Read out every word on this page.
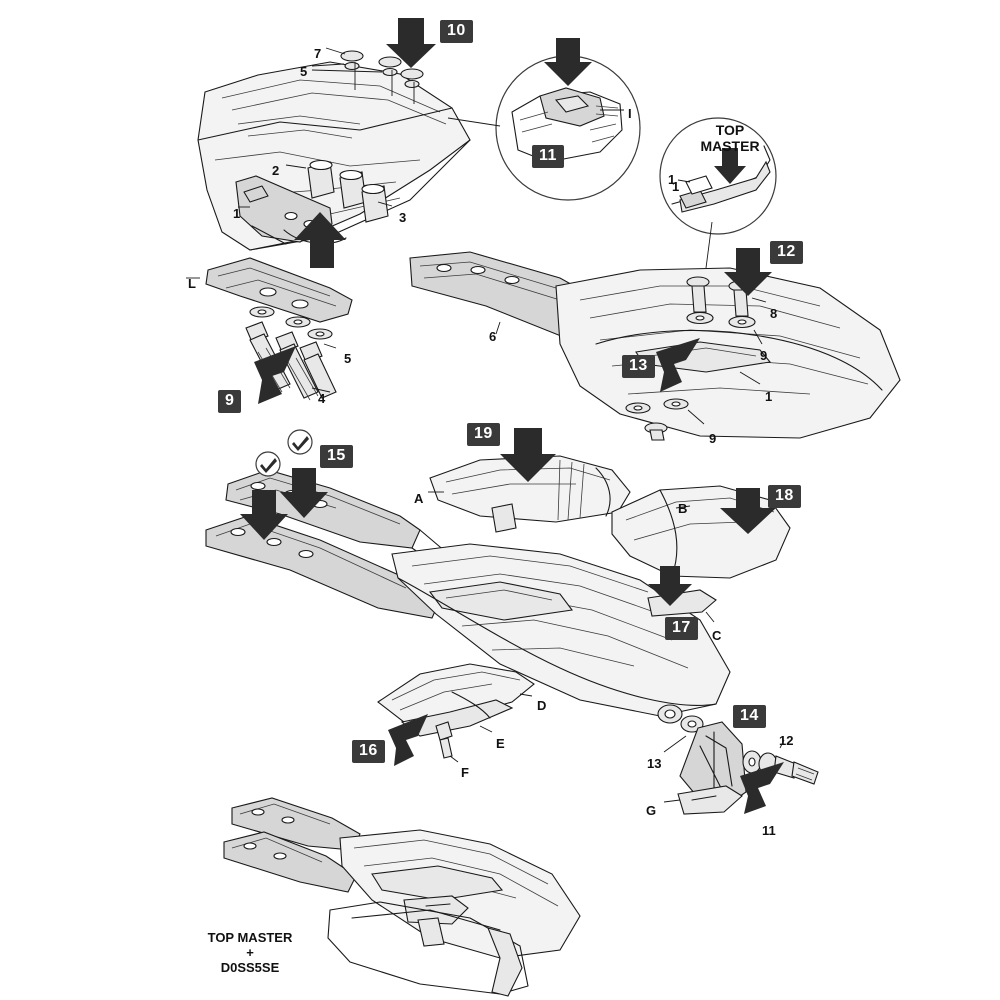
10
11
12
13
9
15
19
18
17
16
14
7
5
2
1	3
L
5
4
6
1
8
9
1
9
A
B
C
D
E
F
G
12
11
13
I
TOP
MASTER
1
TOP MASTER
+
D0SS5SE
